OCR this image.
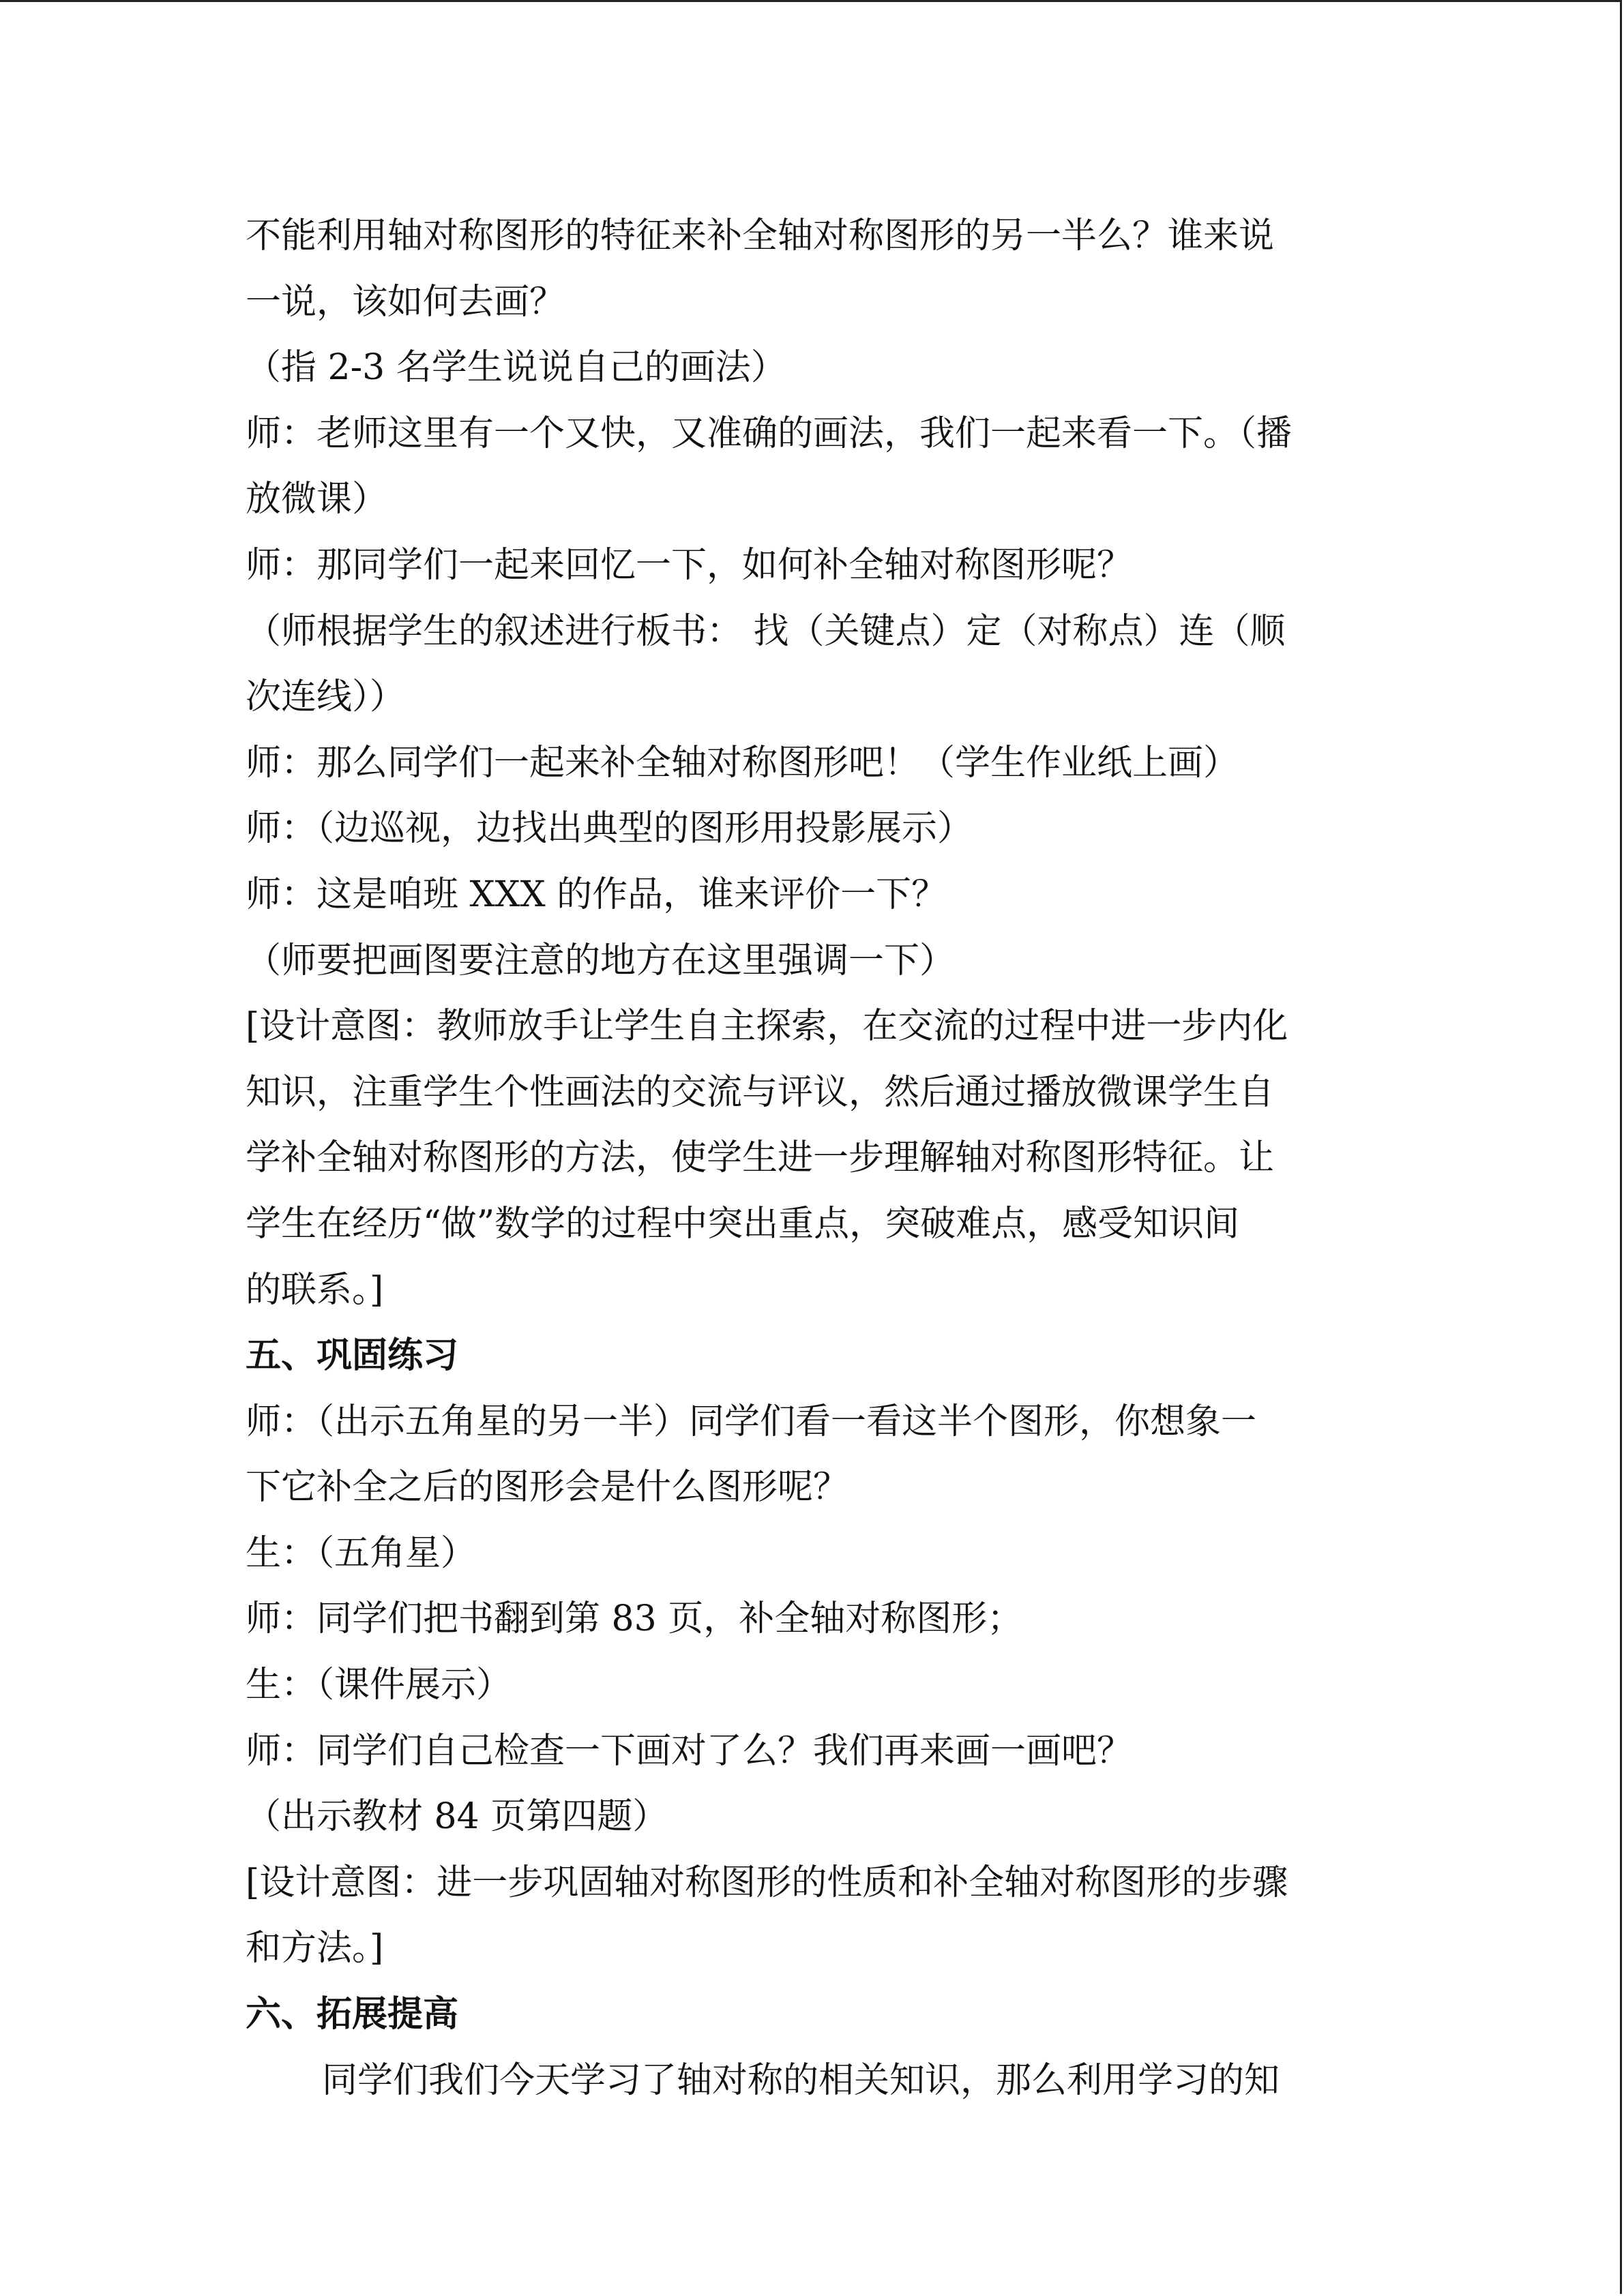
不能利用轴对称图形的特征来补全轴对称图形的另一半么？谁来说
一说，该如何去画？
（指 2-3 名学生说说自己的画法）
师：老师这里有一个又快，又准确的画法，我们一起来看一下。（播
放微课）
师：那同学们一起来回忆一下，如何补全轴对称图形呢？
（师根据学生的叙述进行板书： 找（关键点）定（对称点）连（顺
次连线））
师：那么同学们一起来补全轴对称图形吧！（学生作业纸上画）
师：（边巡视，边找出典型的图形用投影展示）
师：这是咱班 XXX 的作品，谁来评价一下？
（师要把画图要注意的地方在这里强调一下）
[设计意图：教师放手让学生自主探索，在交流的过程中进一步内化
知识，注重学生个性画法的交流与评议，然后通过播放微课学生自
学补全轴对称图形的方法，使学生进一步理解轴对称图形特征。让
学生在经历“做”数学的过程中突出重点，突破难点，感受知识间
的联系。]
五、巩固练习
师：（出示五角星的另一半）同学们看一看这半个图形，你想象一
下它补全之后的图形会是什么图形呢？
生：（五角星）
师：同学们把书翻到第 83 页，补全轴对称图形；
生：（课件展示）
师：同学们自己检查一下画对了么？我们再来画一画吧？
（出示教材 84 页第四题）
[设计意图：进一步巩固轴对称图形的性质和补全轴对称图形的步骤
和方法。]
六、拓展提高
同学们我们今天学习了轴对称的相关知识，那么利用学习的知
